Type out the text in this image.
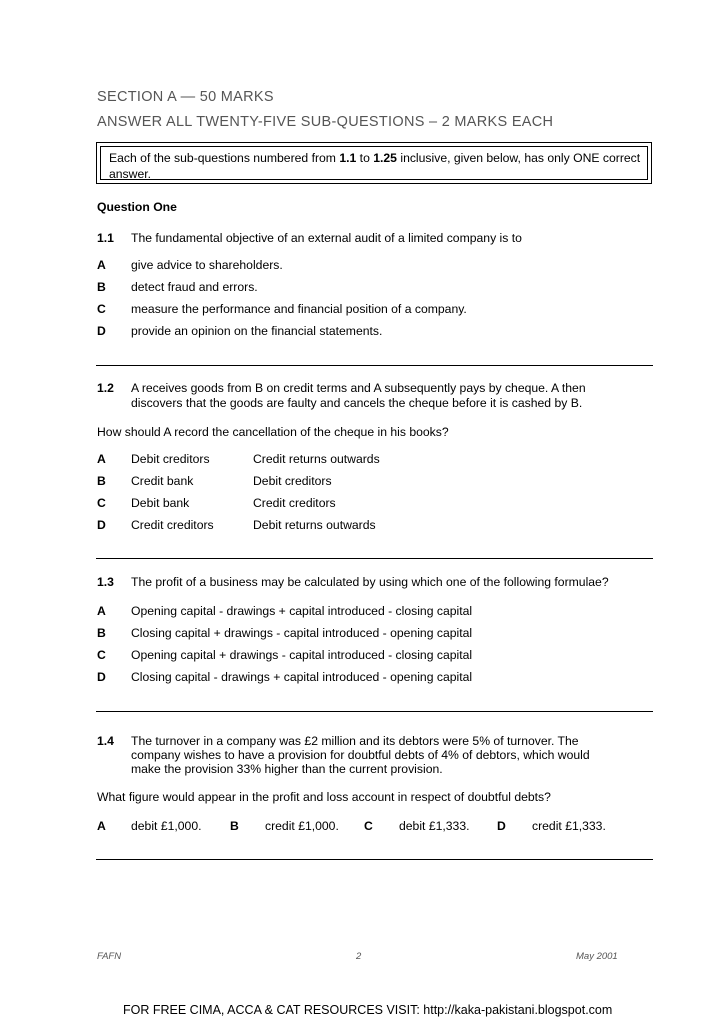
SECTION A — 50 MARKS
ANSWER ALL TWENTY-FIVE SUB-QUESTIONS – 2 MARKS EACH
Each of the sub-questions numbered from 1.1 to 1.25 inclusive, given below, has only ONE correct
answer.
Question One
1.1 The fundamental objective of an external audit of a limited company is to
A give advice to shareholders.
B detect fraud and errors.
C measure the performance and financial position of a company.
D provide an opinion on the financial statements.
1.2 A receives goods from B on credit terms and A subsequently pays by cheque. A then
discovers that the goods are faulty and cancels the cheque before it is cashed by B.
How should A record the cancellation of the cheque in his books?
A Debit creditors	Credit returns outwards
B Credit bank	Debit creditors
C Debit bank	Credit creditors
D Credit creditors	Debit returns outwards
1.3 The profit of a business may be calculated by using which one of the following formulae?
A Opening capital - drawings + capital introduced - closing capital
B Closing capital + drawings - capital introduced - opening capital
C Opening capital + drawings - capital introduced - closing capital
D Closing capital - drawings + capital introduced - opening capital
1.4 The turnover in a company was £2 million and its debtors were 5% of turnover. The
company wishes to have a provision for doubtful debts of 4% of debtors, which would
make the provision 33% higher than the current provision.
What figure would appear in the profit and loss account in respect of doubtful debts?
A debit £1,000. B credit £1,000. C debit £1,333. D credit £1,333.
FAFN	2	May 2001
FOR FREE CIMA, ACCA & CAT RESOURCES VISIT: http://kaka-pakistani.blogspot.com
